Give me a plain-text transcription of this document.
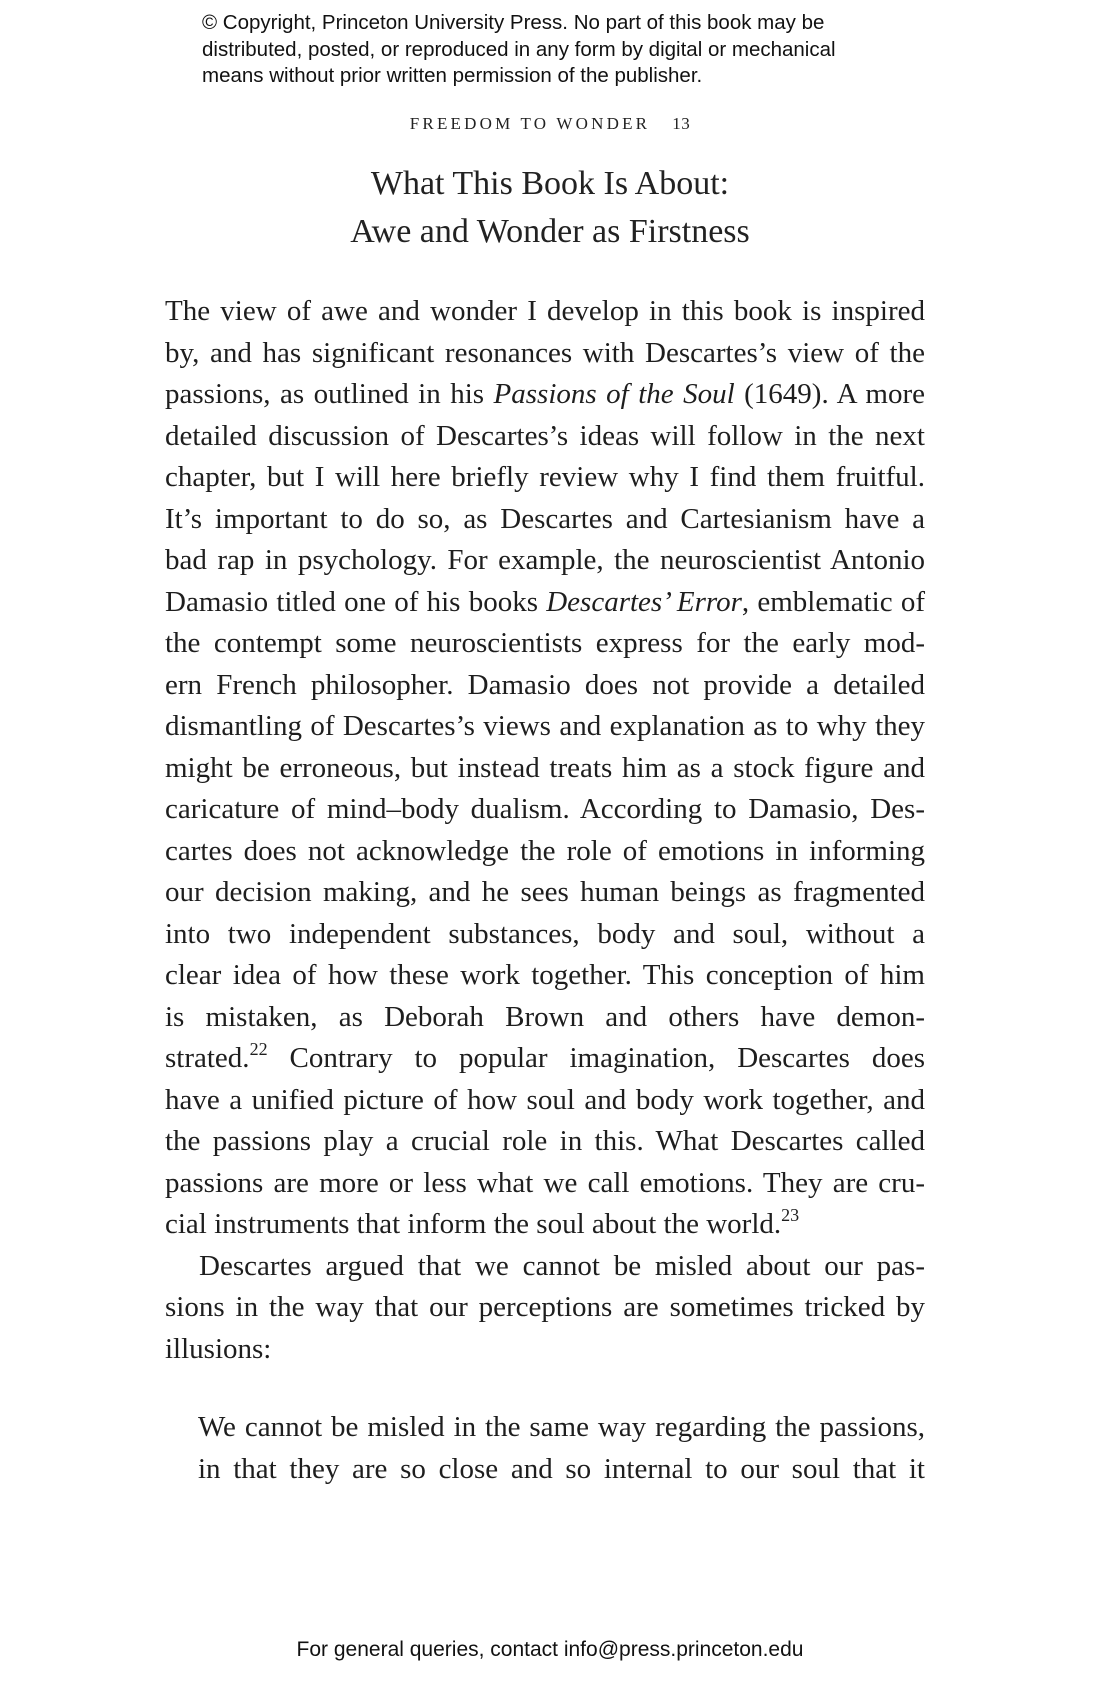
© Copyright, Princeton University Press. No part of this book may be
distributed, posted, or reproduced in any form by digital or mechanical
means without prior written permission of the publisher.
FREEDOM TO WONDER 13
What This Book Is About:
Awe and Wonder as Firstness
The view of awe and wonder I develop in this book is inspired
by, and has significant resonances with Descartes’s view of the
passions, as outlined in his Passions of the Soul (1649). A more
detailed discussion of Descartes’s ideas will follow in the next
chapter, but I will here briefly review why I find them fruitful.
It’s important to do so, as Descartes and Cartesianism have a
bad rap in psychology. For example, the neuroscientist Antonio
Damasio titled one of his books Descartes’ Error, emblematic of
the contempt some neuroscientists express for the early mod-
ern French philosopher. Damasio does not provide a detailed
dismantling of Descartes’s views and explanation as to why they
might be erroneous, but instead treats him as a stock figure and
caricature of mind–body dualism. According to Damasio, Des-
cartes does not acknowledge the role of emotions in informing
our decision making, and he sees human beings as fragmented
into two independent substances, body and soul, without a
clear idea of how these work together. This conception of him
is mistaken, as Deborah Brown and others have demon-
strated.$^{22}$ Contrary to popular imagination, Descartes does
have a unified picture of how soul and body work together, and
the passions play a crucial role in this. What Descartes called
passions are more or less what we call emotions. They are cru-
cial instruments that inform the soul about the world.$^{23}$
Descartes argued that we cannot be misled about our pas-
sions in the way that our perceptions are sometimes tricked by
illusions:
We cannot be misled in the same way regarding the passions,
in that they are so close and so internal to our soul that it
For general queries, contact info@press.princeton.edu
